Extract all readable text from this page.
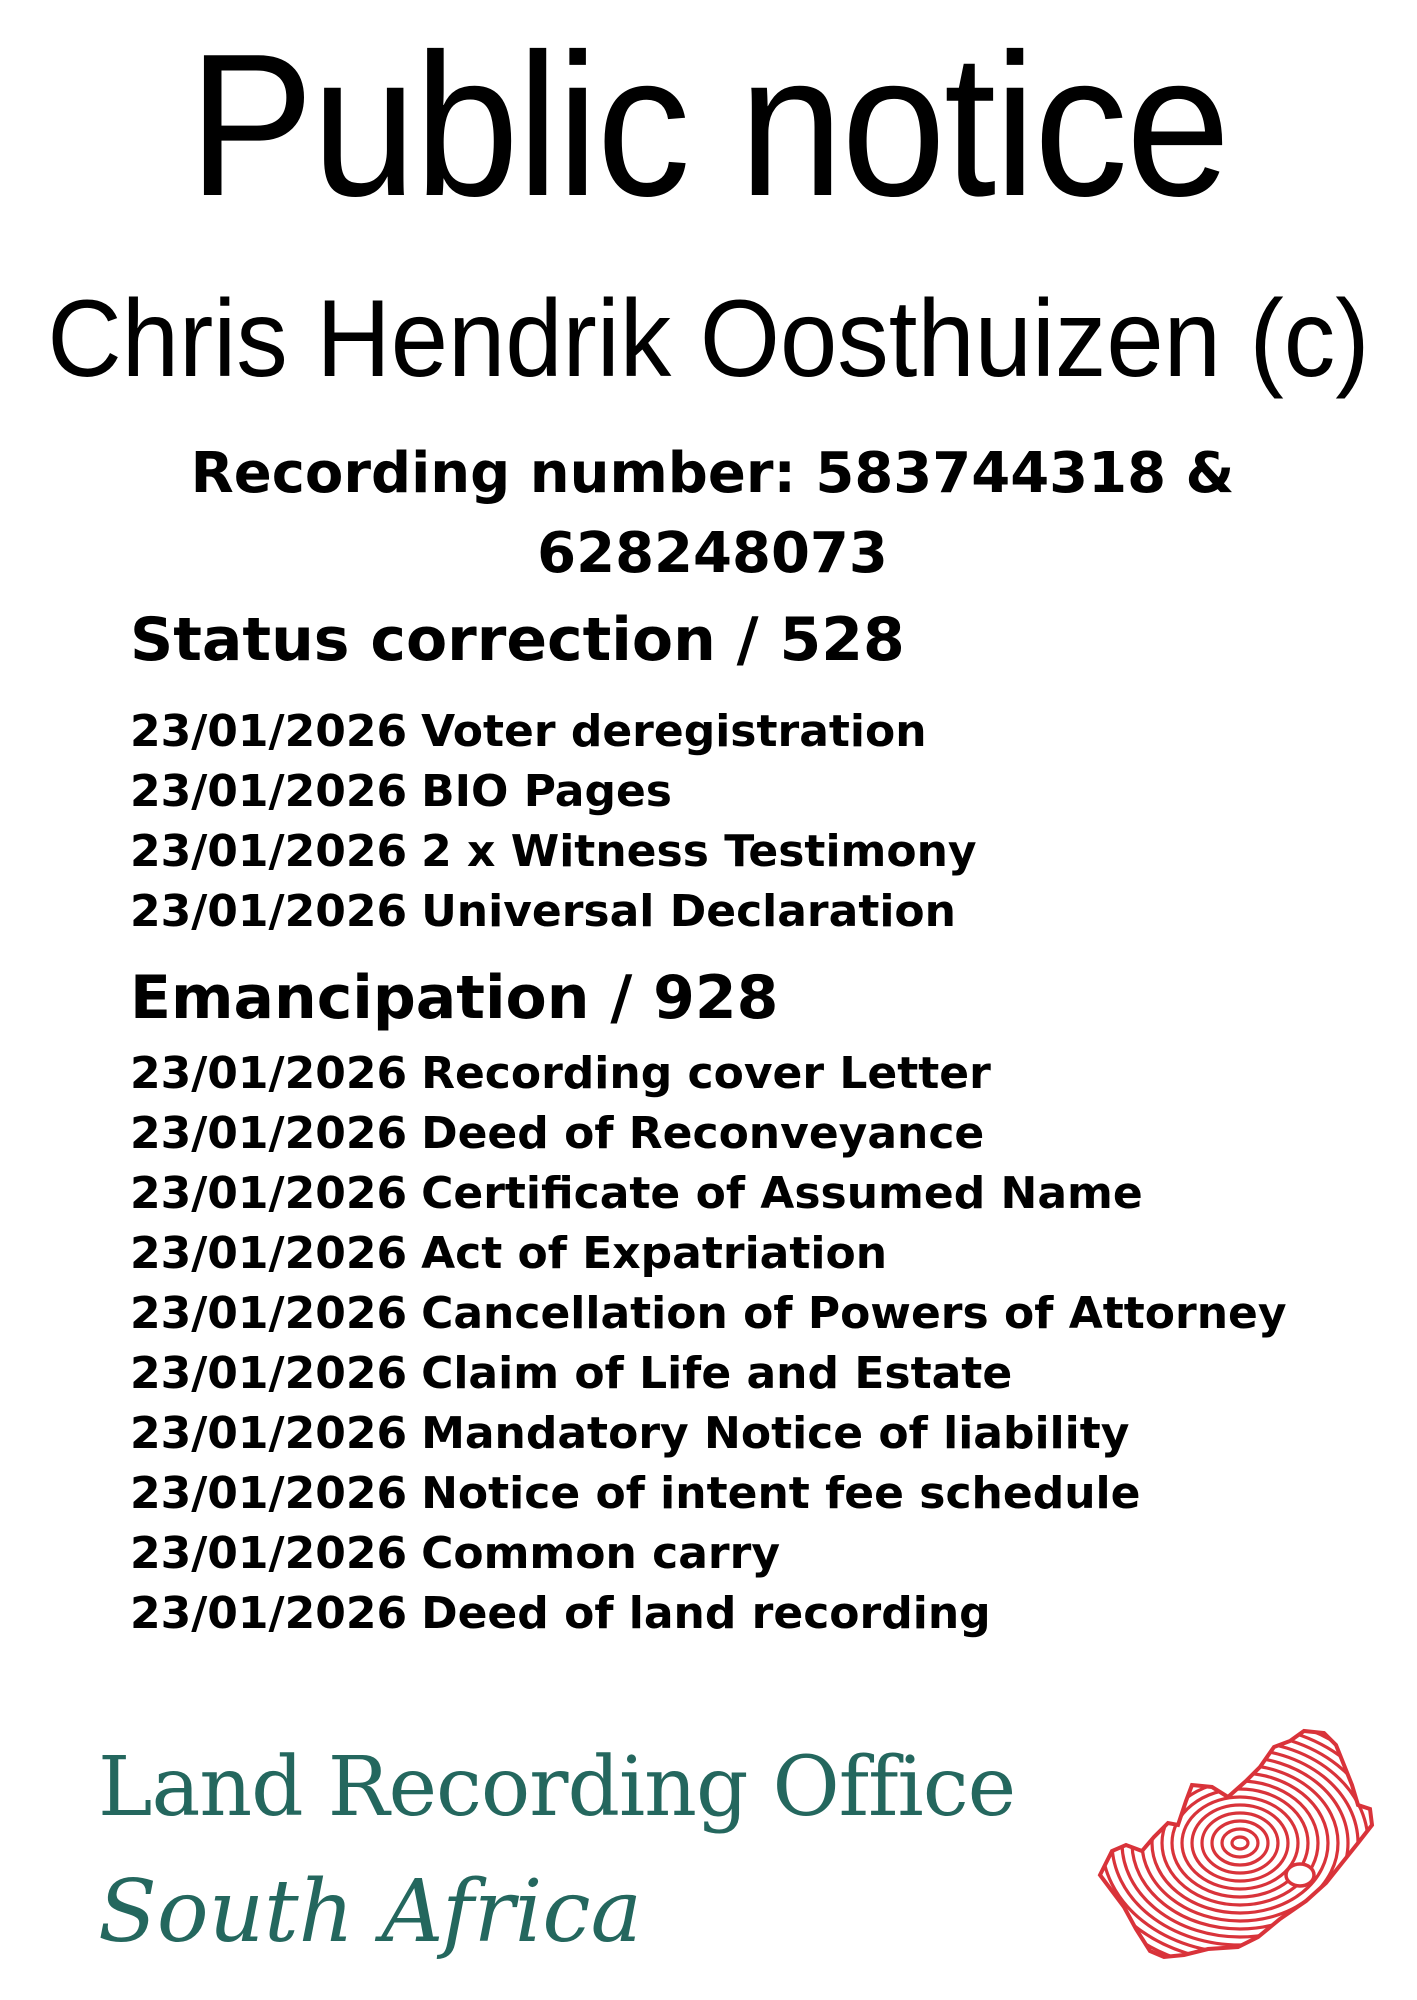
Public notice
Chris Hendrik Oosthuizen (c)
Recording number: 583744318 &
628248073
Status correction / 528
23/01/2026 Voter deregistration
23/01/2026 BIO Pages
23/01/2026 2 x Witness Testimony
23/01/2026 Universal Declaration
Emancipation / 928
23/01/2026 Recording cover Letter
23/01/2026 Deed of Reconveyance
23/01/2026 Certificate of Assumed Name
23/01/2026 Act of Expatriation
23/01/2026 Cancellation of Powers of Attorney
23/01/2026 Claim of Life and Estate
23/01/2026 Mandatory Notice of liability
23/01/2026 Notice of intent fee schedule
23/01/2026 Common carry
23/01/2026 Deed of land recording
Land Recording Office
South Africa
